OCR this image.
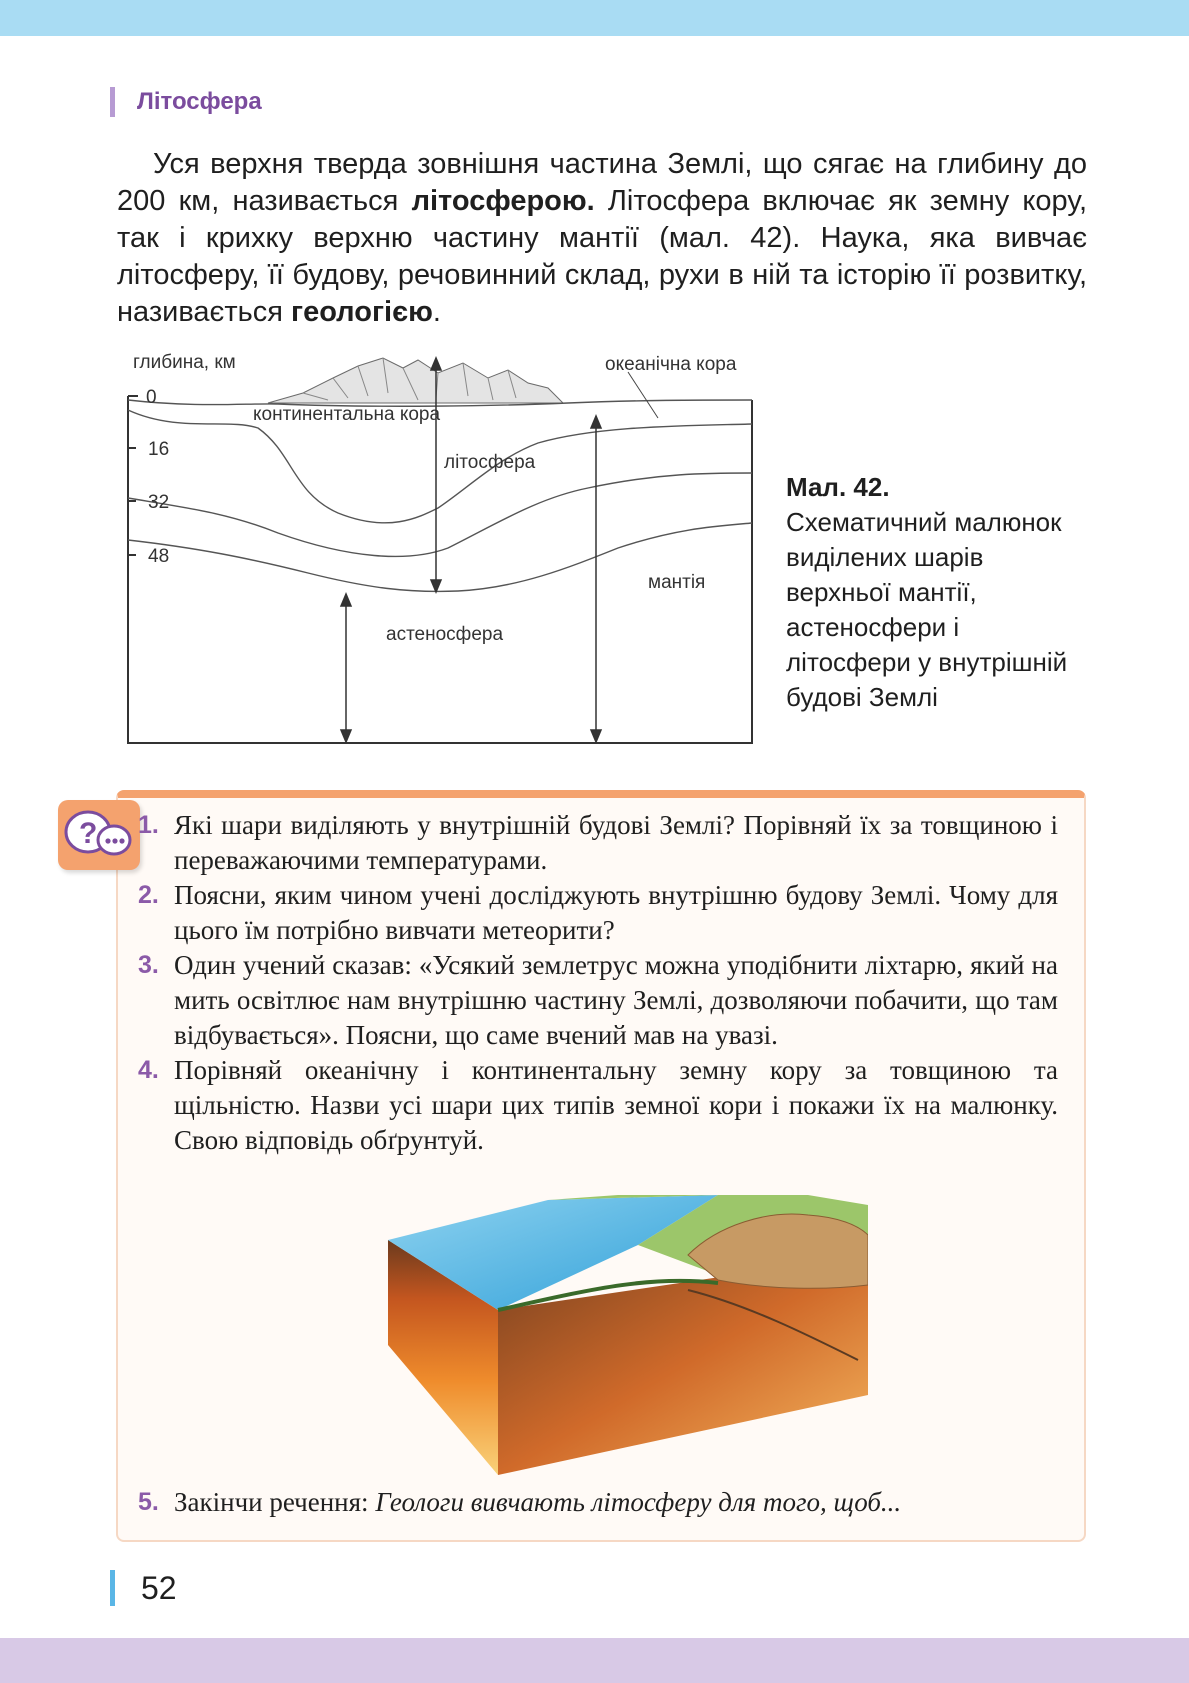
Літосфера

Уся верхня тверда зовнішня частина Землі, що сягає на глибину до 200 км, називається літосферою. Літосфера включає як земну кору, так і крихку верхню частину мантії (мал. 42). Наука, яка вивчає літосферу, її будову, речовинний склад, рухи в ній та історію її розвитку, називається геологією.

глибина, км
0
16
32
48
океанічна кора
континентальна кора
літосфера
мантія
астеносфера
Мал. 42.
Схематичний малюнок виділених шарів верхньої мантії, астеносфери і літосфери у внутрішній будові Землі
? 1. Які шари виділяють у внутрішній будові Землі? Порівняй їх за товщиною і переважаючими температурами.
2. Поясни, яким чином учені досліджують внутрішню будову Землі. Чому для цього їм потрібно вивчати метеорити?
3. Один учений сказав: «Усякий землетрус можна уподібнити ліхтарю, який на мить освітлює нам внутрішню частину Землі, дозволяючи побачити, що там відбувається». Поясни, що саме вчений мав на увазі.
4. Порівняй океанічну і континентальну земну кору за товщиною та щільністю. Назви усі шари цих типів земної кори і покажи їх на малюнку. Свою відповідь обґрунтуй.
5. Закінчи речення: Геологи вивчають літосферу для того, щоб...
52
